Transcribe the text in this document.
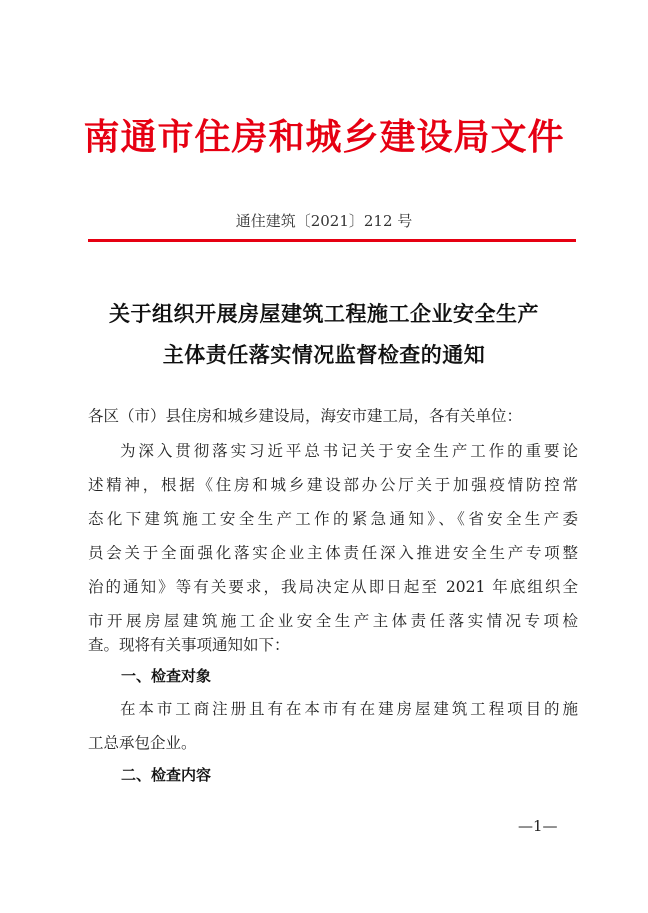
南通市住房和城乡建设局文件
通住建筑〔2021〕212 号
关于组织开展房屋建筑工程施工企业安全生产
主体责任落实情况监督检查的通知
各区（市）县住房和城乡建设局，海安市建工局，各有关单位：
为深入贯彻落实习近平总书记关于安全生产工作的重要论
述精神，根据《住房和城乡建设部办公厅关于加强疫情防控常
态化下建筑施工安全生产工作的紧急通知》、《省安全生产委
员会关于全面强化落实企业主体责任深入推进安全生产专项整
治的通知》等有关要求，我局决定从即日起至 2021 年底组织全
市开展房屋建筑施工企业安全生产主体责任落实情况专项检
查。现将有关事项通知如下：
一、检查对象
在本市工商注册且有在本市有在建房屋建筑工程项目的施
工总承包企业。
二、检查内容
—1—
